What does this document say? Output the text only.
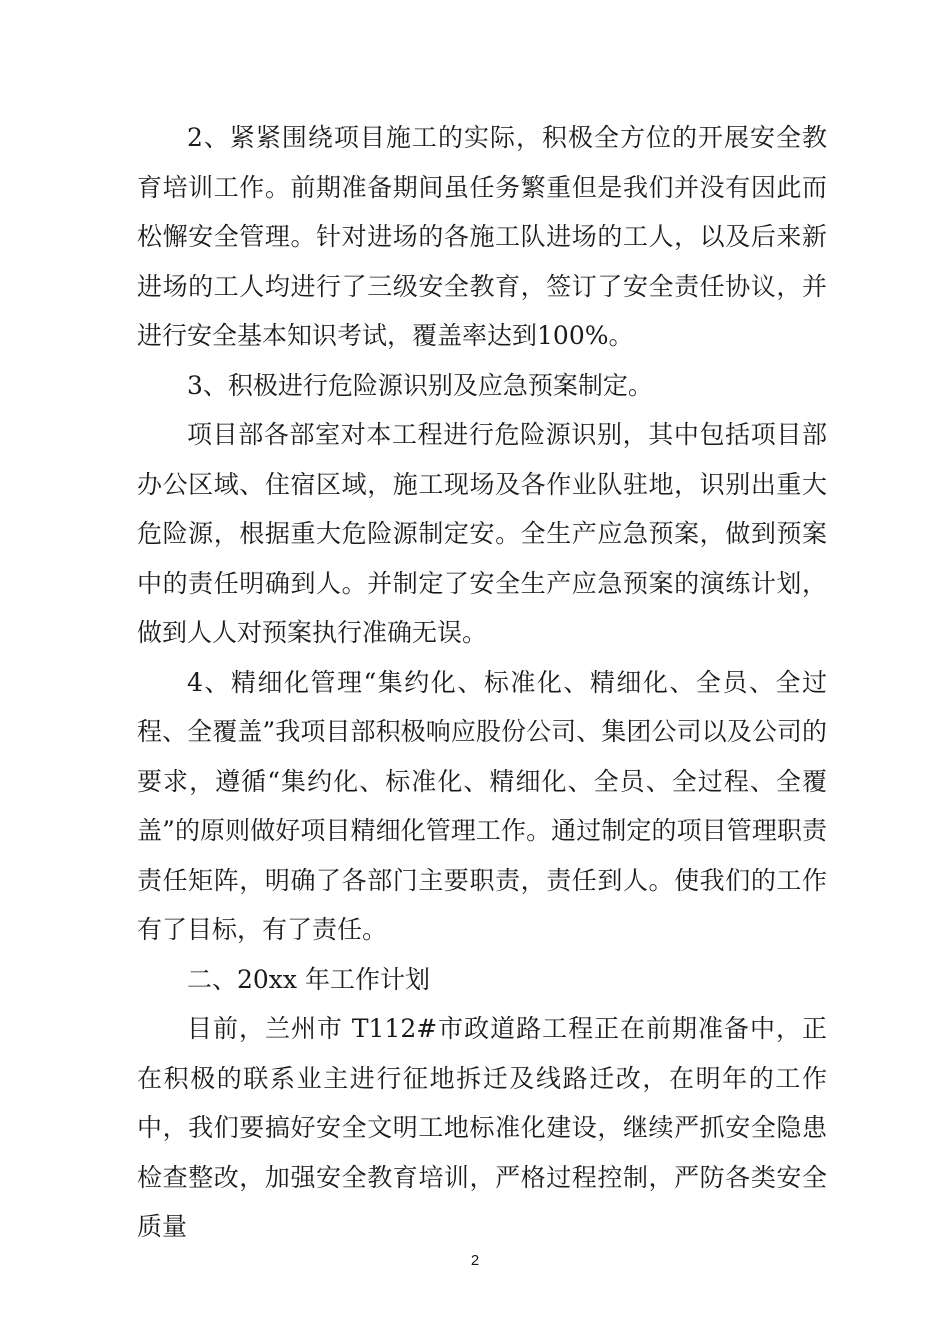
2、紧紧围绕项目施工的实际，积极全方位的开展安全教育培训工作。前期准备期间虽任务繁重但是我们并没有因此而松懈安全管理。针对进场的各施工队进场的工人，以及后来新进场的工人均进行了三级安全教育，签订了安全责任协议，并进行安全基本知识考试，覆盖率达到100%。

3、积极进行危险源识别及应急预案制定。

项目部各部室对本工程进行危险源识别，其中包括项目部办公区域、住宿区域，施工现场及各作业队驻地，识别出重大危险源，根据重大危险源制定安。全生产应急预案，做到预案中的责任明确到人。并制定了安全生产应急预案的演练计划，做到人人对预案执行准确无误。

4、精细化管理“集约化、标准化、精细化、全员、全过程、全覆盖”我项目部积极响应股份公司、集团公司以及公司的要求，遵循“集约化、标准化、精细化、全员、全过程、全覆盖”的原则做好项目精细化管理工作。通过制定的项目管理职责责任矩阵，明确了各部门主要职责，责任到人。使我们的工作有了目标，有了责任。

二、20xx 年工作计划

目前，兰州市 T112#市政道路工程正在前期准备中，正在积极的联系业主进行征地拆迁及线路迁改，在明年的工作中，我们要搞好安全文明工地标准化建设，继续严抓安全隐患检查整改，加强安全教育培训，严格过程控制，严防各类安全质量

2
